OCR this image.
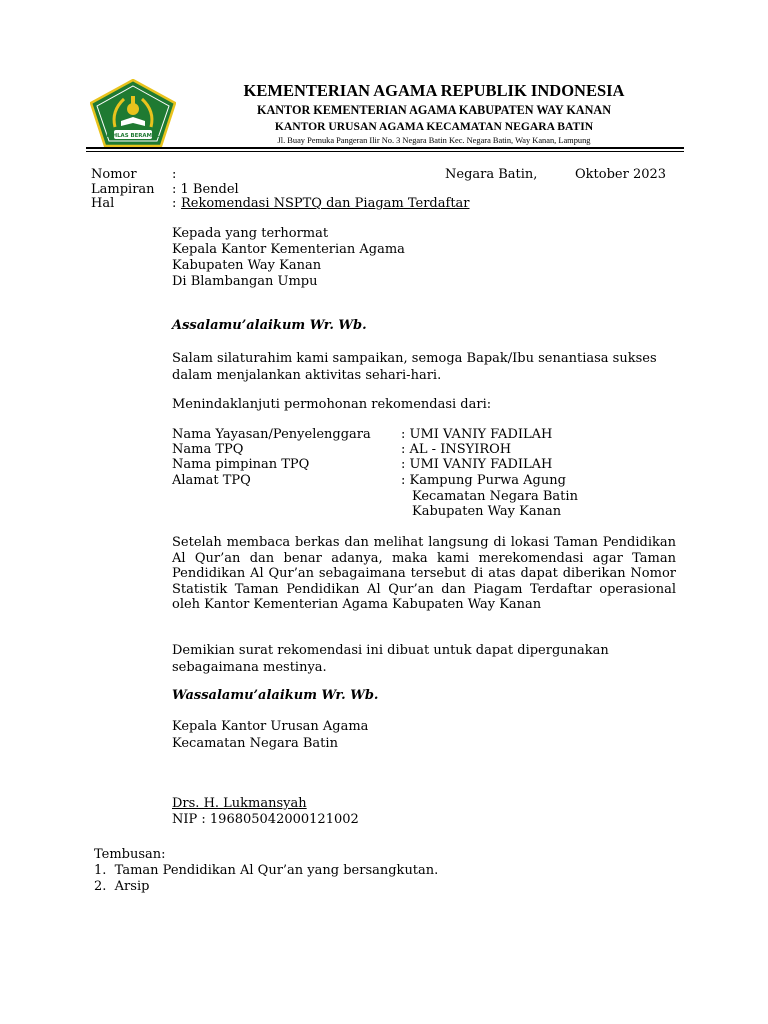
IKHLAS BERAMAL
KEMENTERIAN AGAMA REPUBLIK INDONESIA
KANTOR KEMENTERIAN AGAMA KABUPATEN WAY KANAN
KANTOR URUSAN AGAMA KECAMATAN NEGARA BATIN
Jl. Buay Pemuka Pangeran Ilir No. 3 Negara Batin Kec. Negara Batin, Way Kanan, Lampung
Nomor	:	Negara Batin,	Oktober 2023
Lampiran : 1 Bendel
Hal	: Rekomendasi NSPTQ dan Piagam Terdaftar
Kepada yang terhormat
Kepala Kantor Kementerian Agama
Kabupaten Way Kanan
Di Blambangan Umpu
Assalamu’alaikum Wr. Wb.
Salam silaturahim kami sampaikan, semoga Bapak/Ibu senantiasa sukses dalam menjalankan aktivitas sehari-hari.
Menindaklanjuti permohonan rekomendasi dari:
Nama Yayasan/Penyelenggara : UMI VANIY FADILAH
Nama TPQ	: AL - INSYIROH
Nama pimpinan TPQ	: UMI VANIY FADILAH
Alamat TPQ	: Kampung Purwa Agung
Kecamatan Negara Batin
Kabupaten Way Kanan
Setelah membaca berkas dan melihat langsung di lokasi Taman Pendidikan Al Qur’an dan benar adanya, maka kami merekomendasi agar Taman Pendidikan Al Qur’an sebagaimana tersebut di atas dapat diberikan Nomor Statistik Taman Pendidikan Al Qur’an dan Piagam Terdaftar operasional oleh Kantor Kementerian Agama Kabupaten Way Kanan
Demikian surat rekomendasi ini dibuat untuk dapat dipergunakan sebagaimana mestinya.
Wassalamu’alaikum Wr. Wb.
Kepala Kantor Urusan Agama
Kecamatan Negara Batin
Drs. H. Lukmansyah
NIP : 196805042000121002
Tembusan:
1.  Taman Pendidikan Al Qur’an yang bersangkutan.
2.  Arsip
